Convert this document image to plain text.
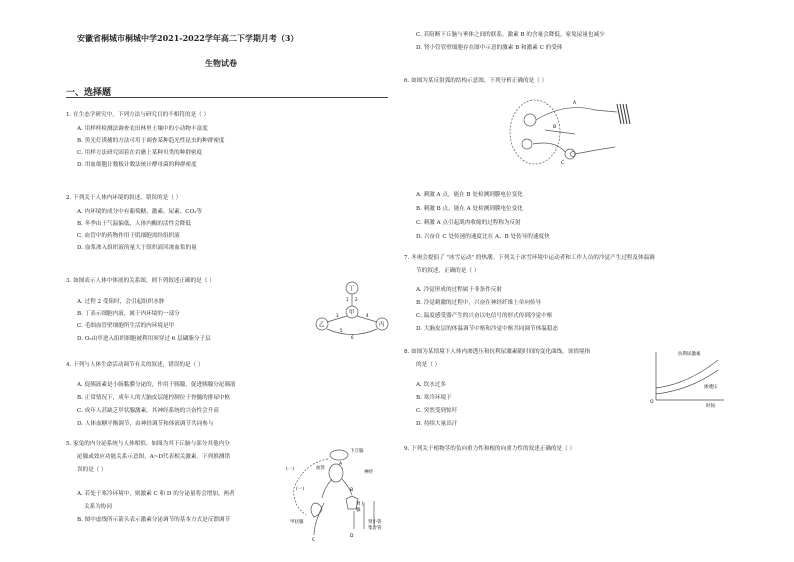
安徽省桐城市桐城中学2021-2022学年高二下学期月考（3）
生物试卷
一、选择题
1. 在生态学研究中，下列方法与研究目的不相符的是（ ）
A. 用样样检测法调查农田林里土壤中的小动物丰富度
B. 黑光灯诱捕的方法可用于调查某种趋光性昆虫的种群密度
C. 用样方法研究固着在岩礁上某种贝类的种群密度
D. 用血细胞计数板计数法统计酵母菌的种群密度
2. 下列关于人体内环境的叙述，错误的是（ ）
A. 内环境的成分中有葡萄糖、激素、尿素、CO₂等
B. 冬季由于气温偏低，人体内酶的活性会降低
C. 血管中的药物作用于肌细胞需经组织液
D. 血浆渗入组织液的量大于组织液回渗血浆的量
3. 如图表示人体中体液的关系图，则下列叙述正确的是（ ）
A. 过程 2 受阻时，会引起组织水肿
B. 丁表示细胞内液，属于内环境的一部分
C. 毛细血管壁细胞所生活的内环境是甲
D. O₂由甲进入组织细胞被利用须穿过 6 层磷脂分子层
丁
甲
乙	丙
1 2
3	4
5
6
4. 下列与人体生命活动调节有关的叙述，错误的是（ ）
A. 促胰液素是小肠黏膜分泌的，作用于胰腺，促进胰腺分泌胰液
B. 正常情况下，成年人的大脑皮层能控制位于脊髓的排尿中枢
C. 成年人甚缺乏甲状腺激素，其神经系统的兴奋性会升高
D. 人体血糖平衡调节，由神经调节和体液调节共同参与
5. 家兔的内分泌系统与人体相似。如图为其下丘脑与部分其他内分
泌腺或效应功能关系示意图，A~D代表相关激素。下列推测错
误的是（ ）
A. 若处于寒冷环境中，则激素 C 和 D 的分泌量将会增加，两者
关系为协同
B. 图中虚线所示箭头表示激素分泌调节的基本方式是反馈调节
下丘脑
血管
神经
(一)
(一)
甲状腺
肾上
腺
肾小管
集合管
A
B
C
D
C. 若阻断下丘脑与垂体之间的联系，激素 B 的含量会降低，家兔尿量也减少
D. 肾小管管壁细胞存在图中示意的激素 B 和激素 C 的受体
6. 如图为某反射弧的结构示意图，下列分析正确的是（ ）
A. 刺激 A 点，能在 B 处检测到膜电位变化
B. 刺激 B 点，能在 A 处检测到膜电位变化
C. 刺激 A 点引起肌肉收缩的过程称为反射
D. 兴奋在 C 处传递的速度比在 A、B 处传导的速度快
A
B
C
7. 冬奥会提倡了 "冰雪运动" 的热潮。下列关于冰雪环境中运动者和工作人员的冷觉产生过程及体温调
节的叙述，正确的是（ ）
A. 冷觉形成的过程属于非条件反射
B. 冷觉刺激的过程中，兴奋在神经纤维上单向传导
C. 温度感受器产生的兴奋以电信号的形式传到冷觉中枢
D. 大脑皮层的体温调节中枢和冷觉中枢共同调节体温稳态
8. 如图为某情境下人体内渗透压和抗利尿激素随时间的变化曲线，该情境指
的是（ ）
A. 饮水过多
B. 寒冷环境下
C. 突然受到惊吓
D. 持续大量出汗
抗利尿激素
渗透压
时间
O
9. 下列关于植物茎的负向重力性和根的向重力性的叙述正确的是（ ）
